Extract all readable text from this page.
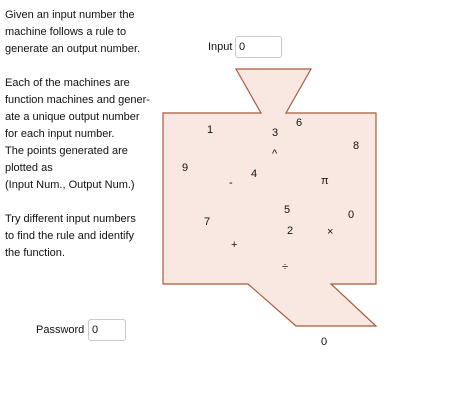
Given an input number the
machine follows a rule to
generate an output number.
Each of the machines are
function machines and gener-
ate a unique output number
for each input number.
The points generated are
plotted as
(Input Num., Output Num.)
Try different input numbers
to find the rule and identify
the function.
Input
0
1	3
6
8
9
^
4
-	π
5	0
7
2	×
+
÷
Password
0
0
